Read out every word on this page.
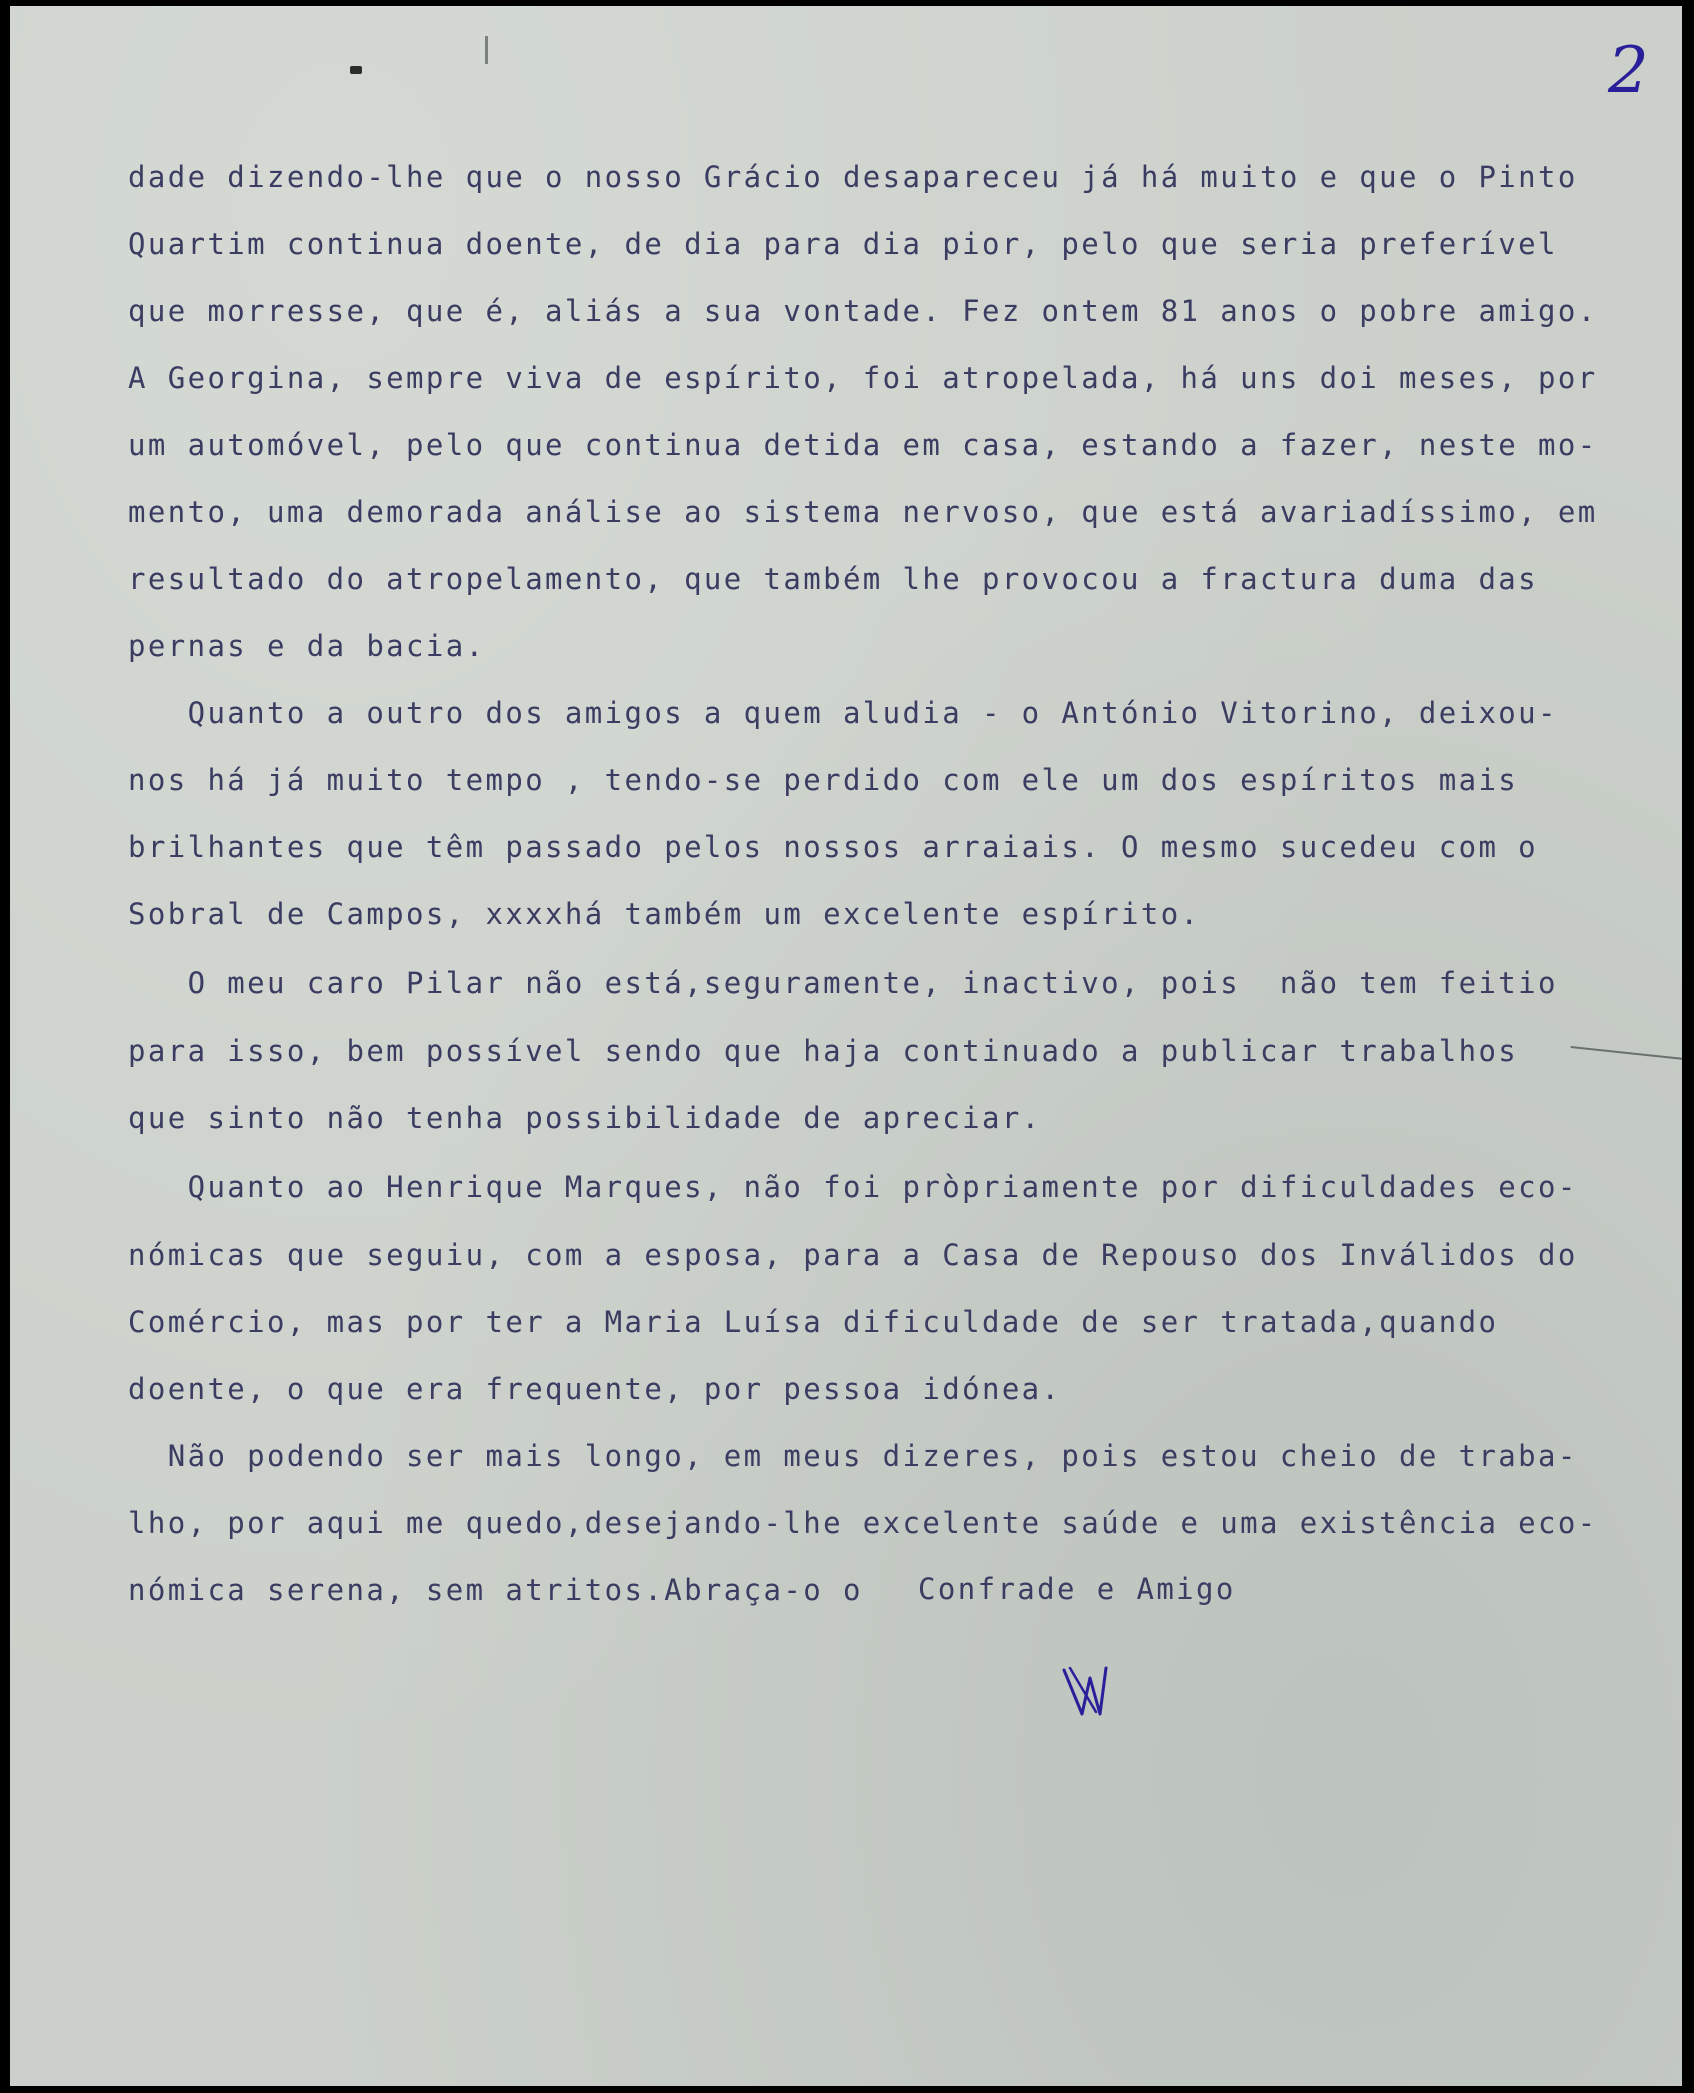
2
dade dizendo-lhe que o nosso Grácio desapareceu já há muito e que o Pinto
Quartim continua doente, de dia para dia pior, pelo que seria preferível
que morresse, que é, aliás a sua vontade. Fez ontem 81 anos o pobre amigo.
A Georgina, sempre viva de espírito, foi atropelada, há uns doi meses, por
um automóvel, pelo que continua detida em casa, estando a fazer, neste mo-
mento, uma demorada análise ao sistema nervoso, que está avariadíssimo, em
resultado do atropelamento, que também lhe provocou a fractura duma das
pernas e da bacia.
Quanto a outro dos amigos a quem aludia - o António Vitorino, deixou-
nos há já muito tempo , tendo-se perdido com ele um dos espíritos mais
brilhantes que têm passado pelos nossos arraiais. O mesmo sucedeu com o
Sobral de Campos, xxxxhá também um excelente espírito.
O meu caro Pilar não está,seguramente, inactivo, pois  não tem feitio
para isso, bem possível sendo que haja continuado a publicar trabalhos
que sinto não tenha possibilidade de apreciar.
Quanto ao Henrique Marques, não foi pròpriamente por dificuldades eco-
nómicas que seguiu, com a esposa, para a Casa de Repouso dos Inválidos do
Comércio, mas por ter a Maria Luísa dificuldade de ser tratada,quando
doente, o que era frequente, por pessoa idónea.
Não podendo ser mais longo, em meus dizeres, pois estou cheio de traba-
lho, por aqui me quedo,desejando-lhe excelente saúde e uma existência eco-
nómica serena, sem atritos.Abraça-o o	Confrade e Amigo
